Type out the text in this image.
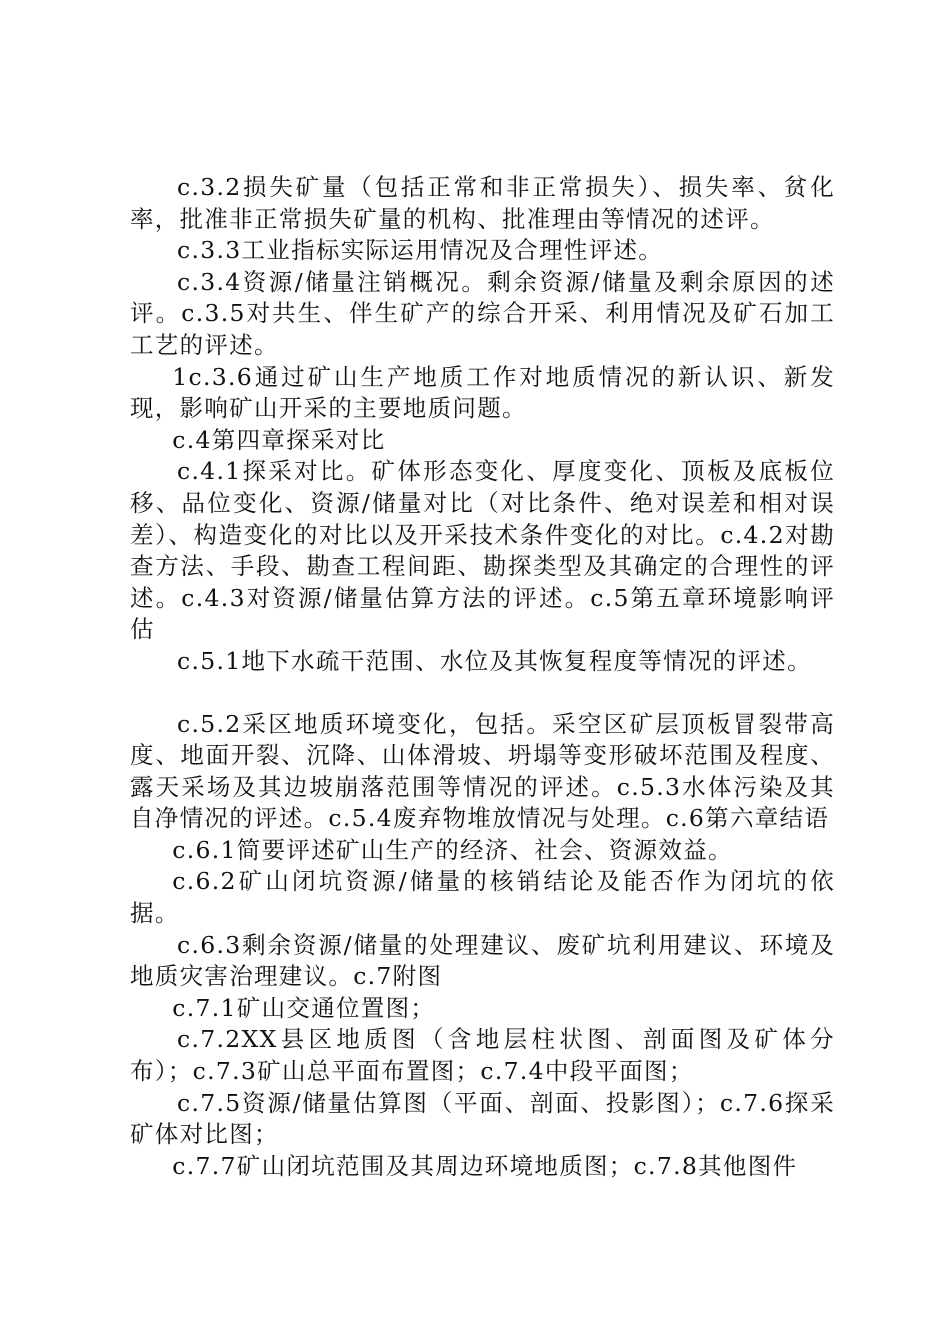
c.3.2损失矿量（包括正常和非正常损失）、损失率、贫化率，批准非正常损失矿量的机构、批准理由等情况的述评。

c.3.3工业指标实际运用情况及合理性评述。

c.3.4资源/储量注销概况。剩余资源/储量及剩余原因的述评。c.3.5对共生、伴生矿产的综合开采、利用情况及矿石加工工艺的评述。

1c.3.6通过矿山生产地质工作对地质情况的新认识、新发现，影响矿山开采的主要地质问题。

c.4第四章探采对比

c.4.1探采对比。矿体形态变化、厚度变化、顶板及底板位移、品位变化、资源/储量对比（对比条件、绝对误差和相对误差）、构造变化的对比以及开采技术条件变化的对比。c.4.2对勘查方法、手段、勘查工程间距、勘探类型及其确定的合理性的评述。c.4.3对资源/储量估算方法的评述。c.5第五章环境影响评估

c.5.1地下水疏干范围、水位及其恢复程度等情况的评述。

c.5.2采区地质环境变化，包括。采空区矿层顶板冒裂带高度、地面开裂、沉降、山体滑坡、坍塌等变形破坏范围及程度、露天采场及其边坡崩落范围等情况的评述。c.5.3水体污染及其自净情况的评述。c.5.4废弃物堆放情况与处理。c.6第六章结语

c.6.1简要评述矿山生产的经济、社会、资源效益。

c.6.2矿山闭坑资源/储量的核销结论及能否作为闭坑的依据。

c.6.3剩余资源/储量的处理建议、废矿坑利用建议、环境及地质灾害治理建议。c.7附图

c.7.1矿山交通位置图；

c.7.2XX县区地质图（含地层柱状图、剖面图及矿体分布）；c.7.3矿山总平面布置图；c.7.4中段平面图；

c.7.5资源/储量估算图（平面、剖面、投影图）；c.7.6探采矿体对比图；

c.7.7矿山闭坑范围及其周边环境地质图；c.7.8其他图件
